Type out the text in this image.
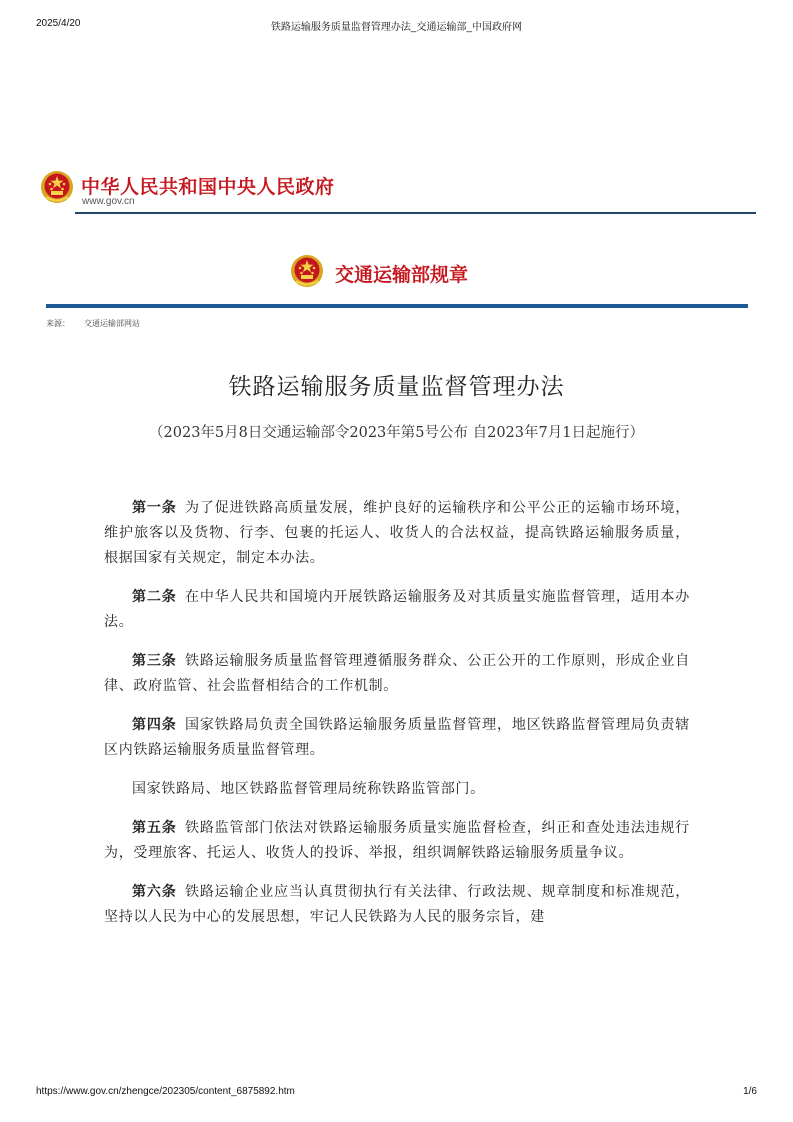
2025/4/20	铁路运输服务质量监督管理办法_交通运输部_中国政府网
中华人民共和国中央人民政府
www.gov.cn
交通运输部规章
来源： 交通运输部网站
铁路运输服务质量监督管理办法
（2023年5月8日交通运输部令2023年第5号公布 自2023年7月1日起施行）

第一条 为了促进铁路高质量发展，维护良好的运输秩序和公平公正的运输市场环境，维护旅客以及货物、行李、包裹的托运人、收货人的合法权益，提高铁路运输服务质量，根据国家有关规定，制定本办法。

第二条 在中华人民共和国境内开展铁路运输服务及对其质量实施监督管理，适用本办法。

第三条 铁路运输服务质量监督管理遵循服务群众、公正公开的工作原则，形成企业自律、政府监管、社会监督相结合的工作机制。

第四条 国家铁路局负责全国铁路运输服务质量监督管理，地区铁路监督管理局负责辖区内铁路运输服务质量监督管理。

国家铁路局、地区铁路监督管理局统称铁路监管部门。

第五条 铁路监管部门依法对铁路运输服务质量实施监督检查，纠正和查处违法违规行为，受理旅客、托运人、收货人的投诉、举报，组织调解铁路运输服务质量争议。

第六条 铁路运输企业应当认真贯彻执行有关法律、行政法规、规章制度和标准规范，坚持以人民为中心的发展思想，牢记人民铁路为人民的服务宗旨，建

https://www.gov.cn/zhengce/202305/content_6875892.htm	1/6
